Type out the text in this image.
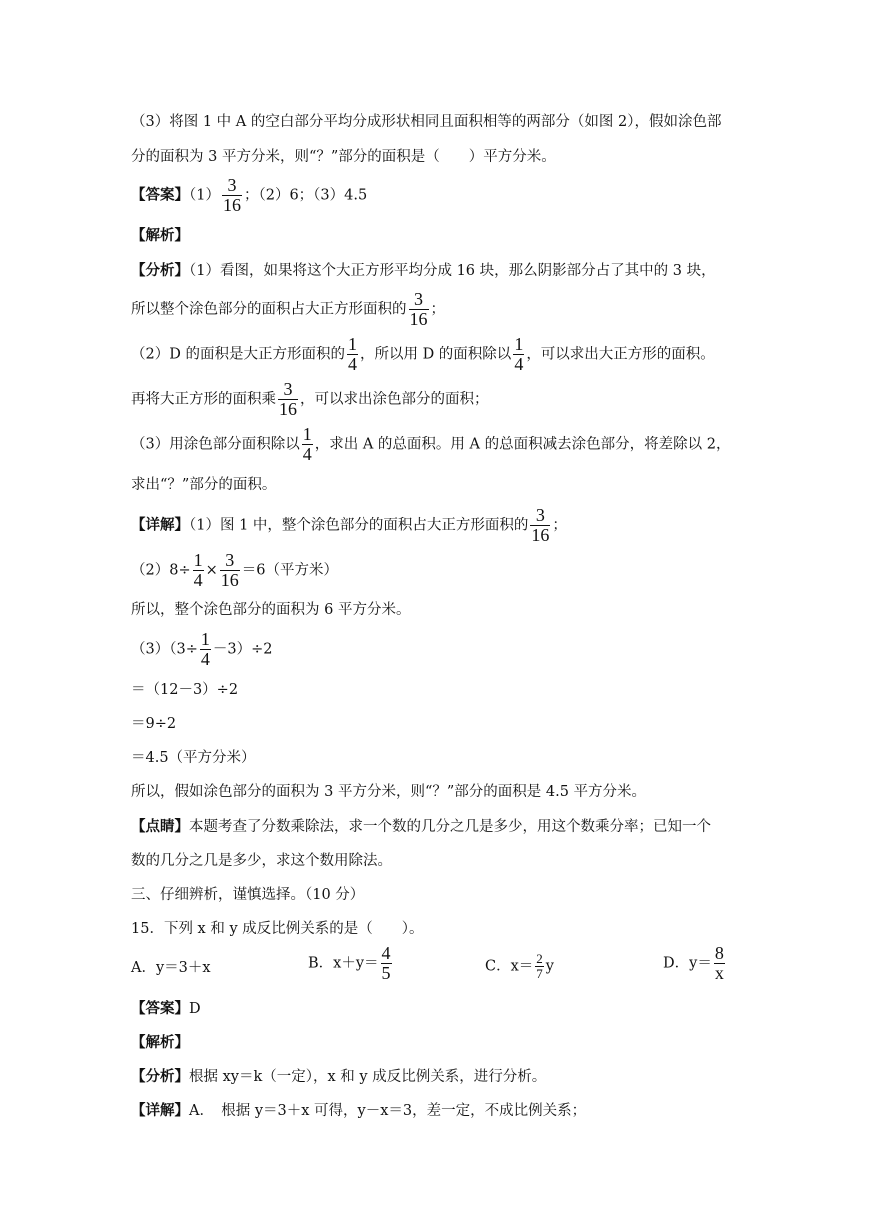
（3）将图 1 中 A 的空白部分平均分成形状相同且面积相等的两部分（如图 2），假如涂色部
分的面积为 3 平方分米，则“？”部分的面积是（　　）平方分米。
【答案】$(1) \frac{3}{16}$ ；（2）6；（3）4.5
【解析】
【分析】（1）看图，如果将这个大正方形平均分成 16 块，那么阴影部分占了其中的 3 块，
所以整个涂色部分的面积占大正方形面积的 $\frac{3}{16}$ ；
（2）D 的面积是大正方形面积的 $\frac{1}{4}$ ，所以用 D 的面积除以 $\frac{1}{4}$ ，可以求出大正方形的面积。
再将大正方形的面积乘 $\frac{3}{16}$ ，可以求出涂色部分的面积；
（3）用涂色部分面积除以 $\frac{1}{4}$ ，求出 A 的总面积。用 A 的总面积减去涂色部分，将差除以 2，
求出“？”部分的面积。
【详解】（1）图 1 中，整个涂色部分的面积占大正方形面积的 $\frac{3}{16}$ ；
$(2)8\div \frac{1}{4} \times \frac{3}{16} =6$（平方米）
所以，整个涂色部分的面积为 6 平方分米。
$(3)(3\div \frac{1}{4} -3)\div 2$
＝（12－3）÷2
＝9÷2
＝4.5（平方分米）
所以，假如涂色部分的面积为 3 平方分米，则“？”部分的面积是 4.5 平方分米。
【点睛】本题考查了分数乘除法，求一个数的几分之几是多少，用这个数乘分率；已知一个
数的几分之几是多少，求这个数用除法。
三、仔细辨析，谨慎选择。（10 分）
15．下列 x 和 y 成反比例关系的是（　　）。
A．y＝3＋x	B．$x+y= \frac{4}{5}$	C．$x= \frac{2}{7}$ y	D．$y= \frac{8}{x}$
【答案】D
【解析】
【分析】根据 xy＝k（一定），x 和 y 成反比例关系，进行分析。
【详解】A．　根据 y＝3＋x 可得，y－x＝3，差一定，不成比例关系；
